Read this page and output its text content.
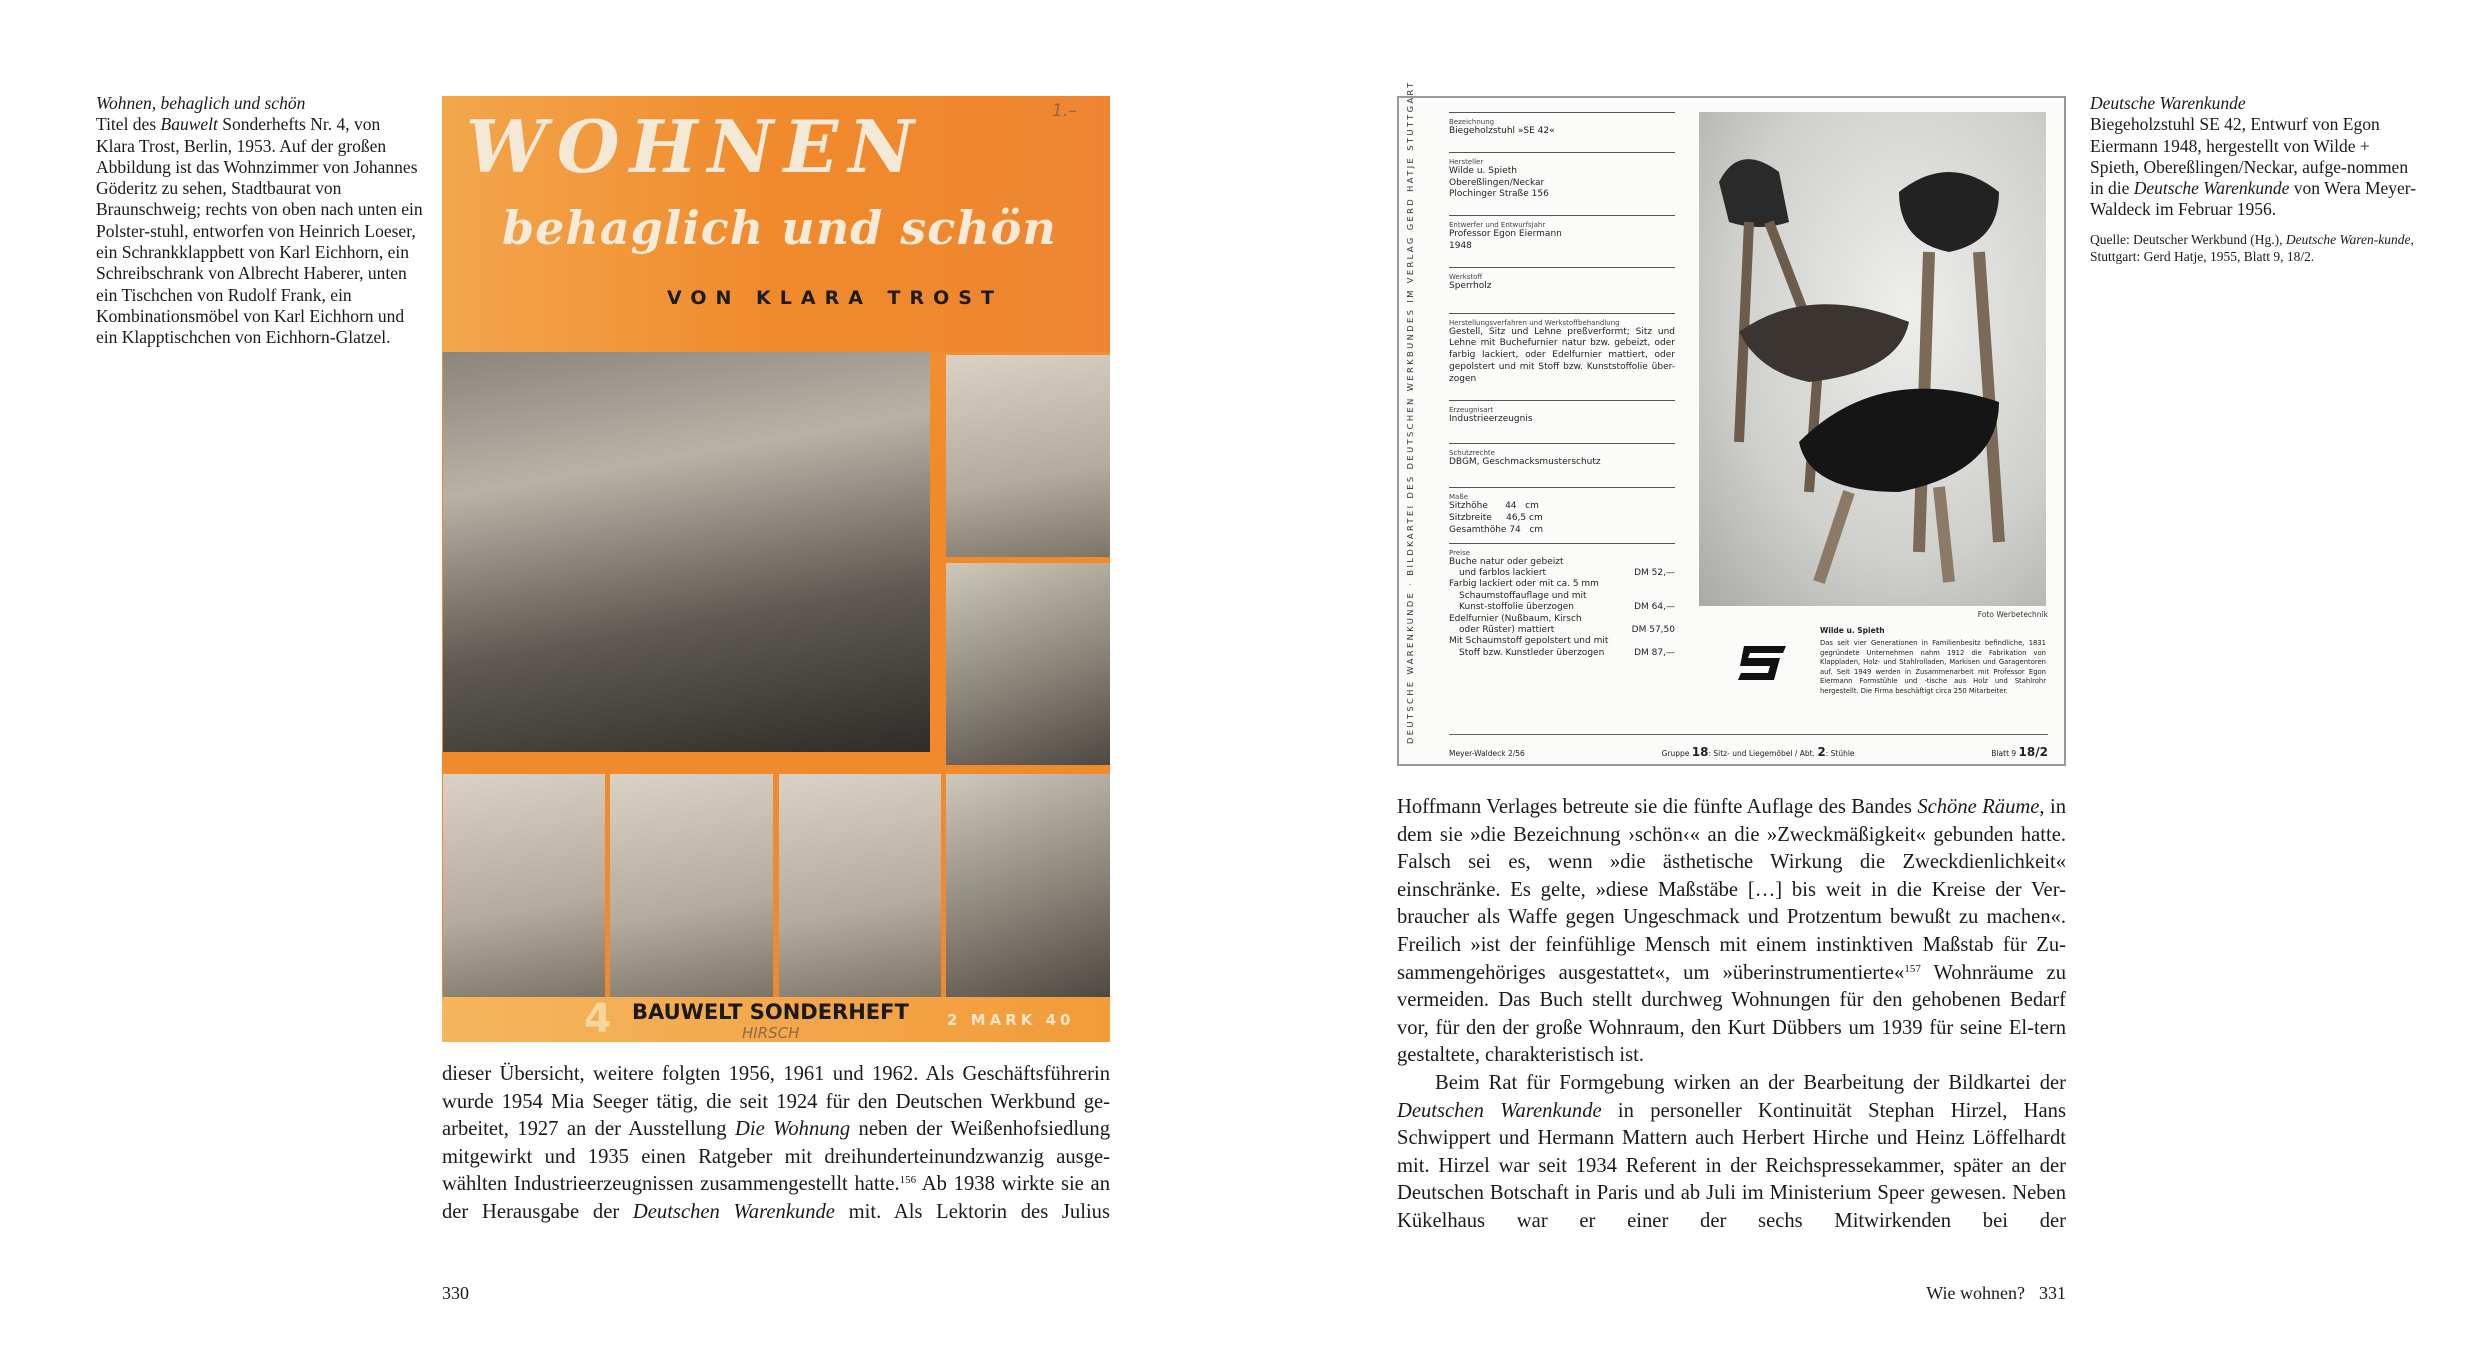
Wohnen, behaglich und schön
Titel des Bauwelt Sonderhefts Nr. 4, von
Klara Trost, Berlin, 1953. Auf der großen Abbildung ist das Wohnzimmer von Johannes Göderitz zu sehen, Stadtbaurat von Braunschweig; rechts von oben nach unten ein Polster-stuhl, entworfen von Heinrich Loeser, ein Schrankklappbett von Karl Eichhorn, ein Schreibschrank von Albrecht Haberer, unten ein Tischchen von Rudolf Frank, ein Kombinationsmöbel von Karl Eichhorn und ein Klapptischchen von Eichhorn-Glatzel.
WOHNEN
behaglich und schön
VON KLARA TROST
1.–
4 BAUWELT SONDERHEFT	2 MARK 40
HIRSCH
DEUTSCHE WARENKUNDE · BILDKARTEI DES DEUTSCHEN WERKBUNDES IM VERLAG GERD HATJE STUTTGART	Bezeichnung
Biegeholzstuhl »SE 42«
Hersteller
Wilde u. Spieth
Obereßlingen/Neckar
Plochinger Straße 156
Entwerfer und Entwurfsjahr
Professor Egon Eiermann
1948
Werkstoff
Sperrholz
Herstellungsverfahren und Werkstoffbehandlung
Gestell, Sitz und Lehne preßverformt; Sitz und Lehne mit Buchefurnier natur bzw. gebeizt, oder farbig lackiert, oder Edelfurnier mattiert, oder gepolstert und mit Stoff bzw. Kunststoffolie über-zogen
Erzeugnisart
Industrieerzeugnis
Schutzrechte
DBGM, Geschmacksmusterschutz
Maße
Sitzhöhe      44   cm
Sitzbreite     46,5 cm
Gesamthöhe 74   cm
Preise
Buche natur oder gebeizt
und farblos lackiert	DM 52,—
Farbig lackiert oder mit ca. 5 mm
Schaumstoffauflage und mit Kunst-stoffolie überzogen	DM 64,—
Edelfurnier (Nußbaum, Kirsch
oder Rüster) mattiert	DM 57,50
Mit Schaumstoff gepolstert und mit
Stoff bzw. Kunstleder überzogen	DM 87,—
Foto Werbetechnik
Wilde u. Spieth
Das seit vier Generationen in Familienbesitz befindliche, 1831 gegründete Unternehmen nahm 1912 die Fabrikation von Klappladen, Holz- und Stahlrolladen, Markisen und Garagentoren auf. Seit 1949 werden in Zusammenarbeit mit Professor Egon Eiermann Formstühle und -tische aus Holz und Stahlrohr hergestellt. Die Firma beschäftigt circa 250 Mitarbeiter.
Meyer-Waldeck 2/56	Gruppe 18: Sitz- und Liegemöbel / Abt. 2: Stühle	Blatt 9 18/2
Deutsche Warenkunde
Biegeholzstuhl SE 42, Entwurf von Egon Eiermann 1948, hergestellt von Wilde + Spieth, Obereßlingen/Neckar, aufge-nommen in die Deutsche Warenkunde von Wera Meyer-Waldeck im Februar 1956.
Quelle: Deutscher Werkbund (Hg.), Deutsche Waren-kunde, Stuttgart: Gerd Hatje, 1955, Blatt 9, 18/2.

dieser Übersicht, weitere folgten 1956, 1961 und 1962. Als Geschäftsführerin wurde 1954 Mia Seeger tätig, die seit 1924 für den Deutschen Werkbund ge-arbeitet, 1927 an der Ausstellung Die Wohnung neben der Weißenhofsiedlung mitgewirkt und 1935 einen Ratgeber mit dreihunderteinundzwanzig ausge-wählten Industrieerzeugnissen zusammengestellt hatte.$^{156}$ Ab 1938 wirkte sie an der Herausgabe der Deutschen Warenkunde mit. Als Lektorin des Julius

Hoffmann Verlages betreute sie die fünfte Auflage des Bandes Schöne Räume, in dem sie »die Bezeichnung ›schön‹« an die »Zweckmäßigkeit« gebunden hatte. Falsch sei es, wenn »die ästhetische Wirkung die Zweckdienlichkeit« einschränke. Es gelte, »diese Maßstäbe […] bis weit in die Kreise der Ver-braucher als Waffe gegen Ungeschmack und Protzentum bewußt zu machen«. Freilich »ist der feinfühlige Mensch mit einem instinktiven Maßstab für Zu-sammengehöriges ausgestattet«, um »überinstrumentierte«$^{157}$ Wohnräume zu vermeiden. Das Buch stellt durchweg Wohnungen für den gehobenen Bedarf vor, für den der große Wohnraum, den Kurt Dübbers um 1939 für seine El-tern gestaltete, charakteristisch ist.

Beim Rat für Formgebung wirken an der Bearbeitung der Bildkartei der Deutschen Warenkunde in personeller Kontinuität Stephan Hirzel, Hans Schwippert und Hermann Mattern auch Herbert Hirche und Heinz Löffelhardt mit. Hirzel war seit 1934 Referent in der Reichspressekammer, später an der Deutschen Botschaft in Paris und ab Juli im Ministerium Speer gewesen. Neben Kükelhaus war er einer der sechs Mitwirkenden bei der

330	Wie wohnen? 331
